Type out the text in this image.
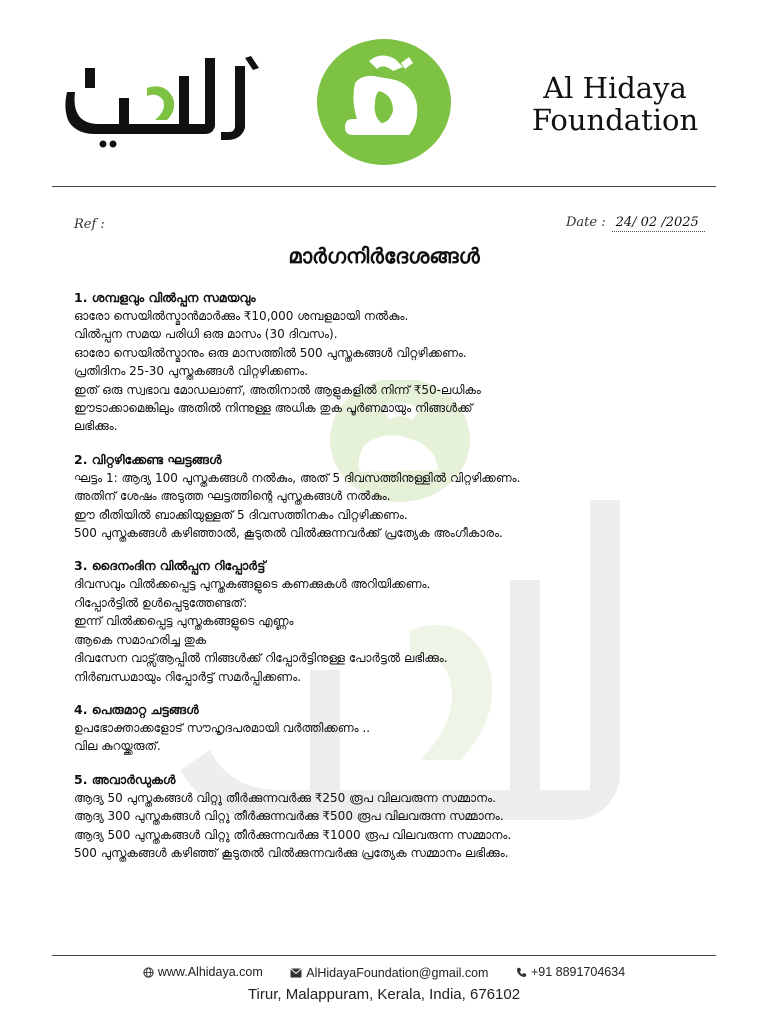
Al Hidaya
Foundation
Ref :	Date : 24/ 02 /2025
മാർഗനിർദേശങ്ങൾ
1. ശമ്പളവും വിൽപ്പന സമയവും

ഓരോ സെയിൽസ്മാൻമാർക്കും ₹10,000 ശമ്പളമായി നൽകും.

വിൽപ്പന സമയ പരിധി ഒരു മാസം (30 ദിവസം).

ഓരോ സെയിൽസ്മാനും ഒരു മാസത്തിൽ 500 പുസ്തകങ്ങൾ വിറ്റഴിക്കണം.

പ്രതിദിനം 25-30 പുസ്തകങ്ങൾ വിറ്റഴിക്കണം.

ഇത് ഒരു സ്വഭാവ മോഡലാണ്, അതിനാൽ ആളുകളിൽ നിന്ന് ₹50-ലധികം

ഈടാക്കാമെങ്കിലും അതിൽ നിന്നുള്ള അധിക തുക പൂർണമായും നിങ്ങൾക്ക്

ലഭിക്കും.

2. വിറ്റഴിക്കേണ്ട ഘട്ടങ്ങൾ

ഘട്ടം 1: ആദ്യ 100 പുസ്തകങ്ങൾ നൽകും, അത് 5 ദിവസത്തിനുള്ളിൽ വിറ്റഴിക്കണം.

അതിന് ശേഷം അടുത്ത ഘട്ടത്തിന്റെ പുസ്തകങ്ങൾ നൽകും.

ഈ രീതിയിൽ ബാക്കിയുള്ളത് 5 ദിവസത്തിനകം വിറ്റഴിക്കണം.

500 പുസ്തകങ്ങൾ കഴിഞ്ഞാൽ, കൂടുതൽ വിൽക്കുന്നവർക്ക് പ്രത്യേക അംഗീകാരം.

3. ദൈനംദിന വിൽപ്പന റിപ്പോർട്ട്

ദിവസവും വിൽക്കപ്പെട്ട പുസ്തകങ്ങളുടെ കണക്കുകൾ അറിയിക്കണം.

റിപ്പോർട്ടിൽ ഉൾപ്പെടുത്തേണ്ടത്:

ഇന്ന് വിൽക്കപ്പെട്ട പുസ്തകങ്ങളുടെ എണ്ണം

ആകെ സമാഹരിച്ച തുക

ദിവസേന വാട്സ്ആപ്പിൽ നിങ്ങൾക്ക് റിപ്പോർട്ടിനുള്ള പോർട്ടൽ ലഭിക്കും.

നിർബന്ധമായും റിപ്പോർട്ട് സമർപ്പിക്കണം.

4. പെരുമാറ്റ ചട്ടങ്ങൾ

ഉപഭോക്താക്കളോട് സൗഹൃദപരമായി വർത്തിക്കണം ..

വില കുറയ്ക്കരുത്.

5. അവാർഡുകൾ

ആദ്യ 50 പുസ്തകങ്ങൾ വിറ്റു തീർക്കുന്നവർക്കു ₹250 രൂപ വിലവരുന്ന സമ്മാനം.

ആദ്യ 300 പുസ്തകങ്ങൾ വിറ്റു തീർക്കുന്നവർക്കു ₹500 രൂപ വിലവരുന്ന സമ്മാനം.

ആദ്യ 500 പുസ്തകങ്ങൾ വിറ്റു തീർക്കുന്നവർക്കു ₹1000 രൂപ വിലവരുന്ന സമ്മാനം.

500 പുസ്തകങ്ങൾ കഴിഞ്ഞ് കൂടുതൽ വിൽക്കുന്നവർക്കു പ്രത്യേക സമ്മാനം ലഭിക്കും.

www.Alhidaya.com
	AlHidayaFoundation@gmail.com
	+91 8891704634
Tirur, Malappuram, Kerala, India, 676102
